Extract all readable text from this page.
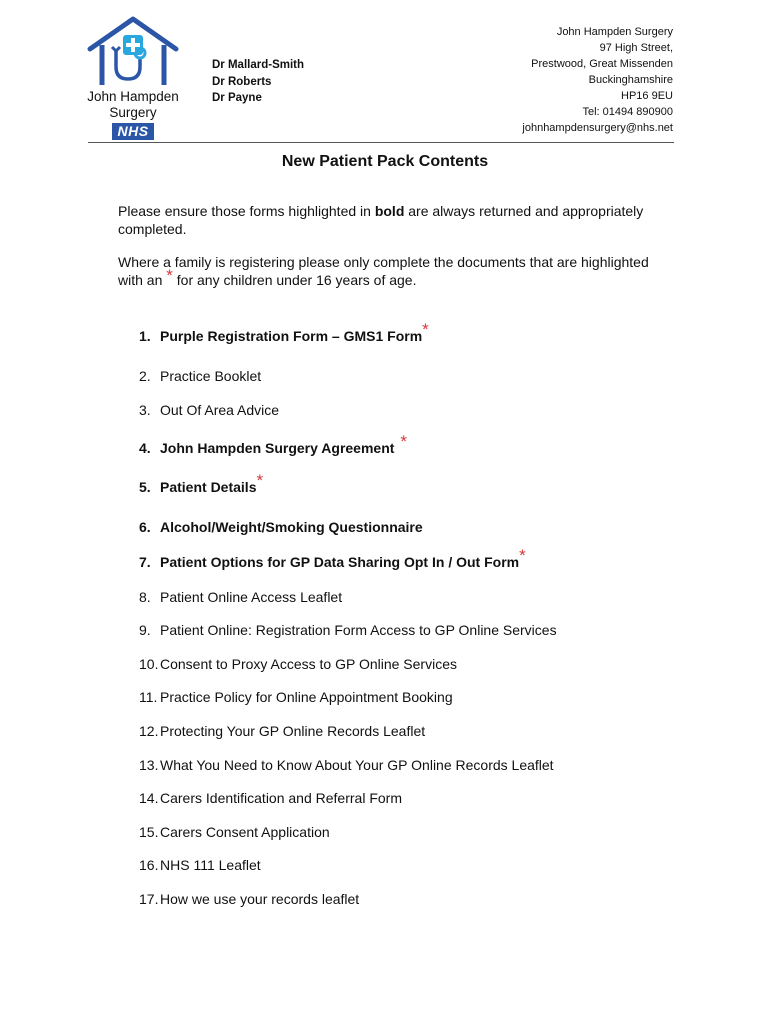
John Hampden
Surgery
NHS
Dr Mallard-Smith
Dr Roberts
Dr Payne
John Hampden Surgery
97 High Street,
Prestwood, Great Missenden
Buckinghamshire
HP16 9EU
Tel: 01494 890900
johnhampdensurgery@nhs.net
New Patient Pack Contents

Please ensure those forms highlighted in bold are always returned and appropriately completed.

Where a family is registering please only complete the documents that are highlighted with an * for any children under 16 years of age.

1. Purple Registration Form – GMS1 Form*
2. Practice Booklet
3. Out Of Area Advice
4. John Hampden Surgery Agreement *
5. Patient Details*
6. Alcohol/Weight/Smoking Questionnaire
7. Patient Options for GP Data Sharing Opt In / Out Form*
8. Patient Online Access Leaflet
9. Patient Online: Registration Form Access to GP Online Services
10. Consent to Proxy Access to GP Online Services
11. Practice Policy for Online Appointment Booking
12. Protecting Your GP Online Records Leaflet
13. What You Need to Know About Your GP Online Records Leaflet
14. Carers Identification and Referral Form
15. Carers Consent Application
16. NHS 111 Leaflet
17. How we use your records leaflet
